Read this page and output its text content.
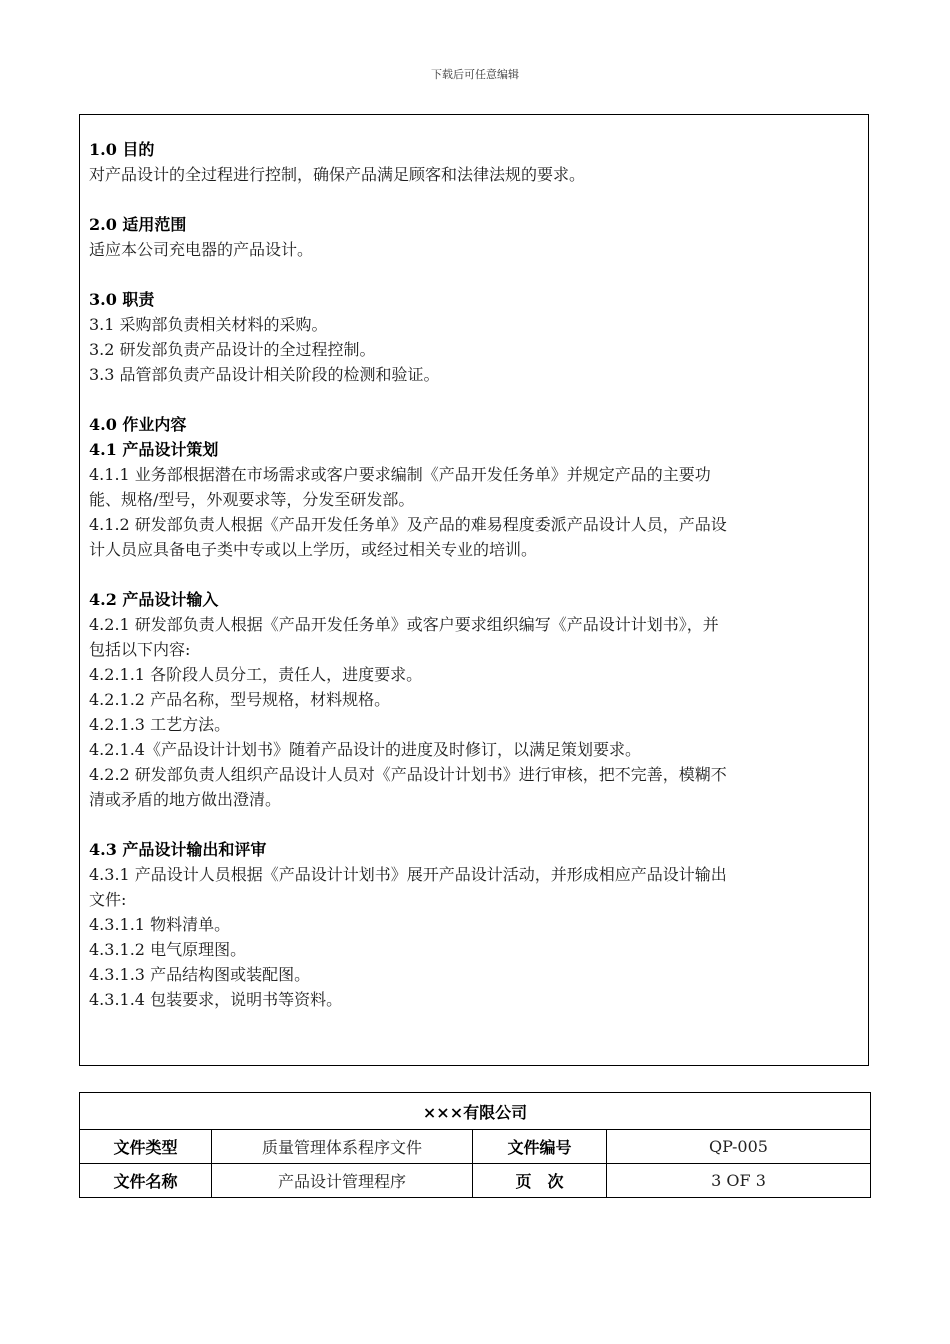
下载后可任意编辑
1.0 目的
对产品设计的全过程进行控制，确保产品满足顾客和法律法规的要求。
2.0 适用范围
适应本公司充电器的产品设计。
3.0 职责
3.1 采购部负责相关材料的采购。
3.2 研发部负责产品设计的全过程控制。
3.3 品管部负责产品设计相关阶段的检测和验证。
4.0 作业内容
4.1 产品设计策划
4.1.1 业务部根据潜在市场需求或客户要求编制《产品开发任务单》并规定产品的主要功
能、规格/型号，外观要求等，分发至研发部。
4.1.2 研发部负责人根据《产品开发任务单》及产品的难易程度委派产品设计人员，产品设
计人员应具备电子类中专或以上学历，或经过相关专业的培训。
4.2 产品设计输入
4.2.1 研发部负责人根据《产品开发任务单》或客户要求组织编写《产品设计计划书》，并
包括以下内容:
4.2.1.1 各阶段人员分工，责任人，进度要求。
4.2.1.2 产品名称，型号规格，材料规格。
4.2.1.3 工艺方法。
4.2.1.4《产品设计计划书》随着产品设计的进度及时修订，以满足策划要求。
4.2.2 研发部负责人组织产品设计人员对《产品设计计划书》进行审核，把不完善，模糊不
清或矛盾的地方做出澄清。
4.3 产品设计输出和评审
4.3.1 产品设计人员根据《产品设计计划书》展开产品设计活动，并形成相应产品设计输出
文件:
4.3.1.1 物料清单。
4.3.1.2 电气原理图。
4.3.1.3 产品结构图或装配图。
4.3.1.4 包装要求，说明书等资料。
×××有限公司			
文件类型	质量管理体系程序文件	文件编号	QP-005
文件名称	产品设计管理程序	页　次	3 OF 3
